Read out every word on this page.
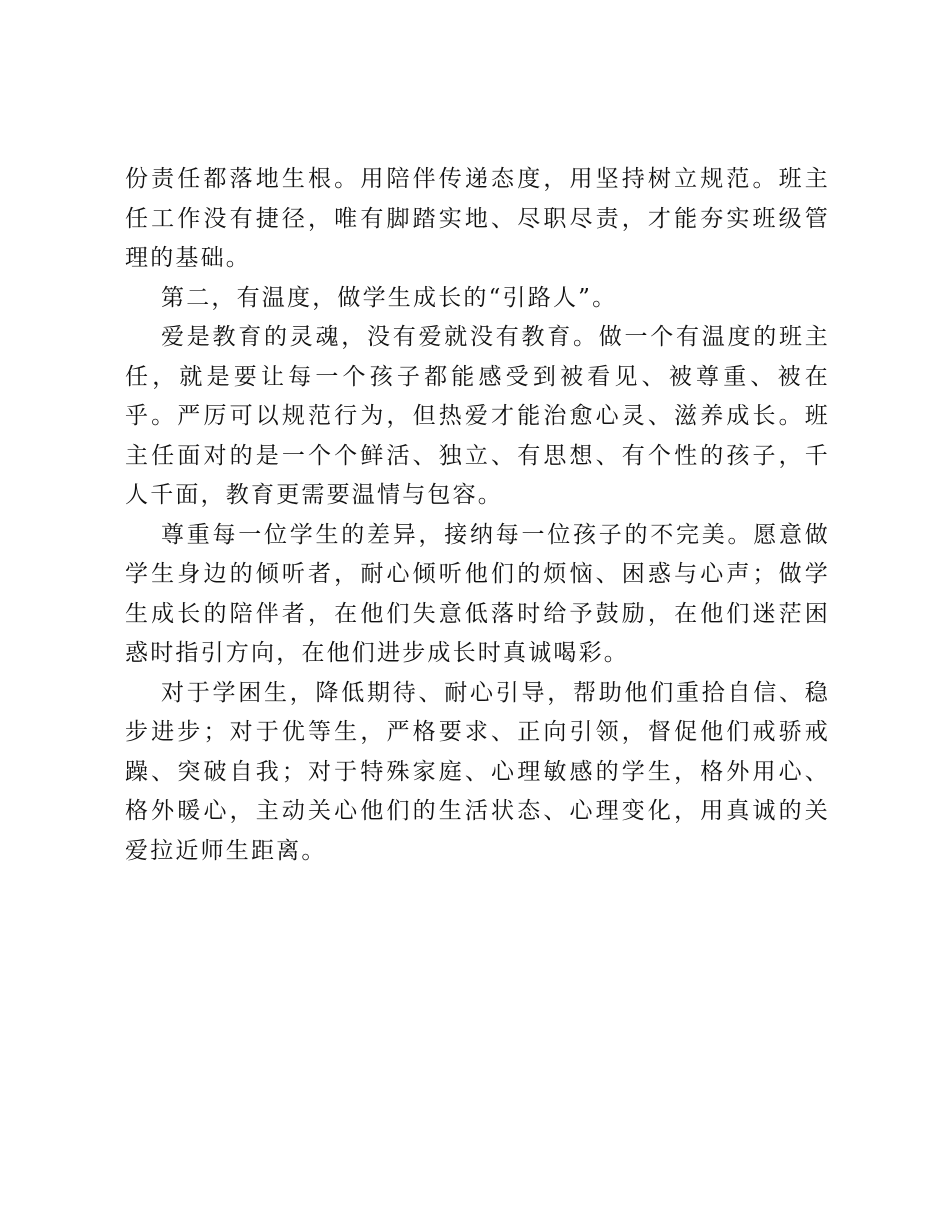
份责任都落地生根。用陪伴传递态度，用坚持树立规范。班主任工作没有捷径，唯有脚踏实地、尽职尽责，才能夯实班级管理的基础。

第二，有温度，做学生成长的“引路人”。

爱是教育的灵魂，没有爱就没有教育。做一个有温度的班主任，就是要让每一个孩子都能感受到被看见、被尊重、被在乎。严厉可以规范行为，但热爱才能治愈心灵、滋养成长。班主任面对的是一个个鲜活、独立、有思想、有个性的孩子，千人千面，教育更需要温情与包容。

尊重每一位学生的差异，接纳每一位孩子的不完美。愿意做学生身边的倾听者，耐心倾听他们的烦恼、困惑与心声；做学生成长的陪伴者，在他们失意低落时给予鼓励，在他们迷茫困惑时指引方向，在他们进步成长时真诚喝彩。

对于学困生，降低期待、耐心引导，帮助他们重拾自信、稳步进步；对于优等生，严格要求、正向引领，督促他们戒骄戒躁、突破自我；对于特殊家庭、心理敏感的学生，格外用心、格外暖心，主动关心他们的生活状态、心理变化，用真诚的关爱拉近师生距离。
